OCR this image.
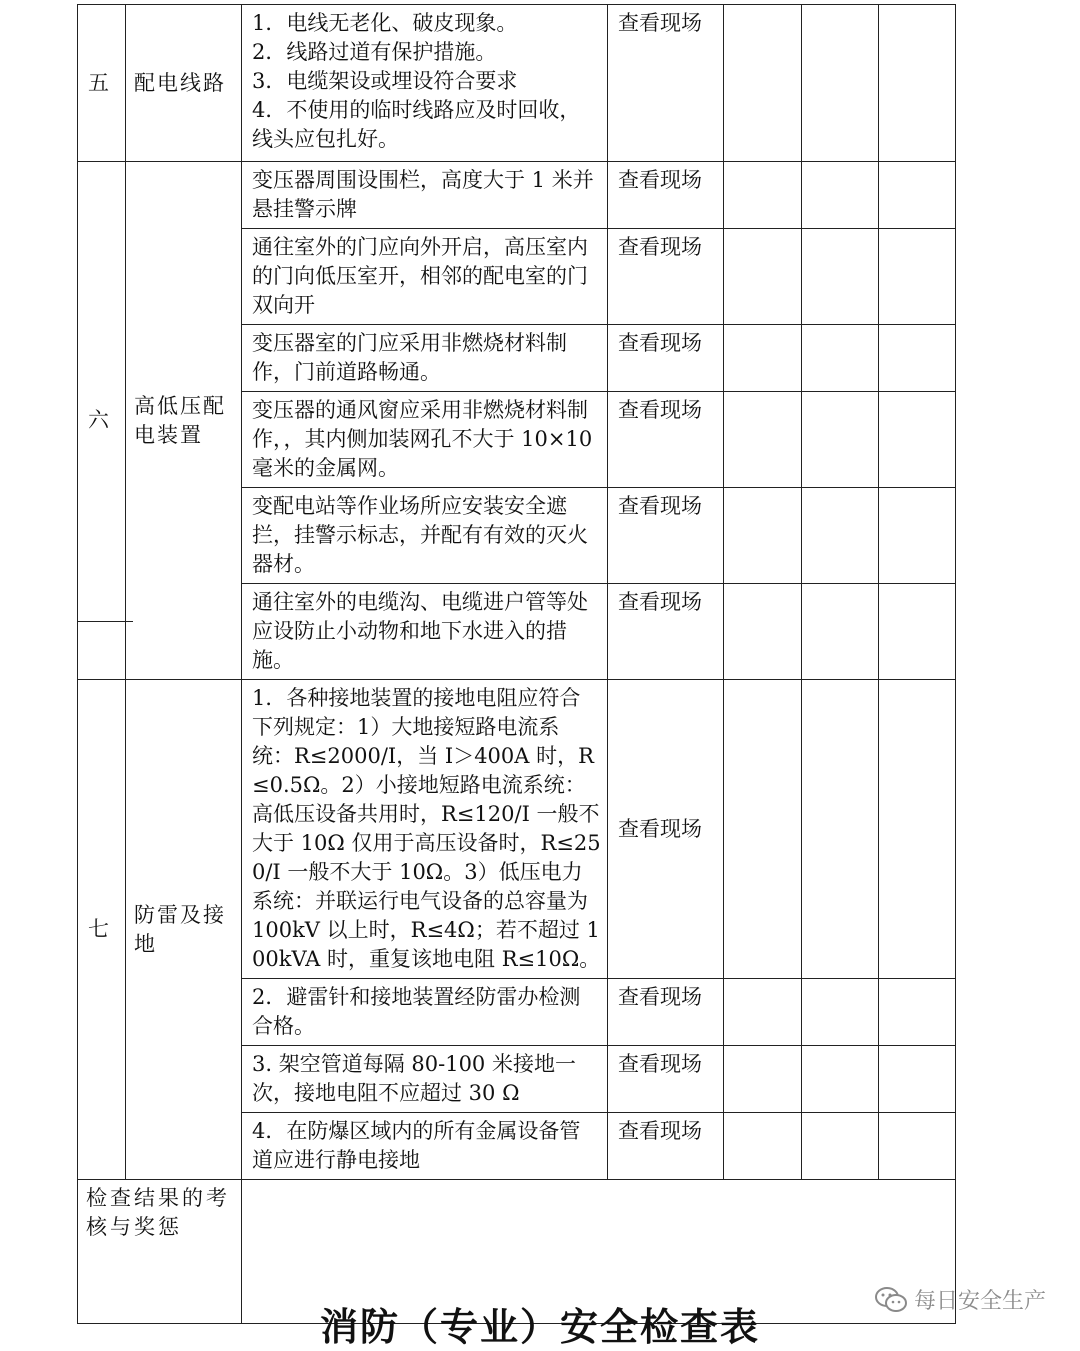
五	配电线路	1．电线无老化、破皮现象。
2．线路过道有保护措施。
3．电缆架设或埋设符合要求
4．不使用的临时线路应及时回收，线头应包扎好。	查看现场			
六	高低压配电装置	变压器周围设围栏，高度大于 1 米并悬挂警示牌	查看现场			

		通往室外的门应向外开启，高压室内的门向低压室开，相邻的配电室的门双向开	查看现场			

		变压器室的门应采用非燃烧材料制作，门前道路畅通。	查看现场			

		变压器的通风窗应采用非燃烧材料制作，，其内侧加装网孔不大于 10×10 毫米的金属网。	查看现场			

		变配电站等作业场所应安装安全遮拦，挂警示标志，并配有有效的灭火器材。	查看现场			

		通往室外的电缆沟、电缆进户管等处应设防止小动物和地下水进入的措施。	查看现场			
七	防雷及接地	1．各种接地装置的接地电阻应符合下列规定：1）大地接短路电流系统：R≤2000/I，当 I＞400A 时，R≤0.5Ω。2）小接地短路电流系统：高低压设备共用时，R≤120/I 一般不大于 10Ω 仅用于高压设备时，R≤250/I 一般不大于 10Ω。3）低压电力系统：并联运行电气设备的总容量为 100kV 以上时，R≤4Ω；若不超过 100kVA 时，重复该地电阻 R≤10Ω。	查看现场			

		2．避雷针和接地装置经防雷办检测合格。	查看现场			

		3. 架空管道每隔 80-100 米接地一次，接地电阻不应超过 30 Ω	查看现场			

		4．在防爆区域内的所有金属设备管道应进行静电接地	查看现场			
检查结果的考核与奖惩						
每日安全生产
消防（专业）安全检查表
